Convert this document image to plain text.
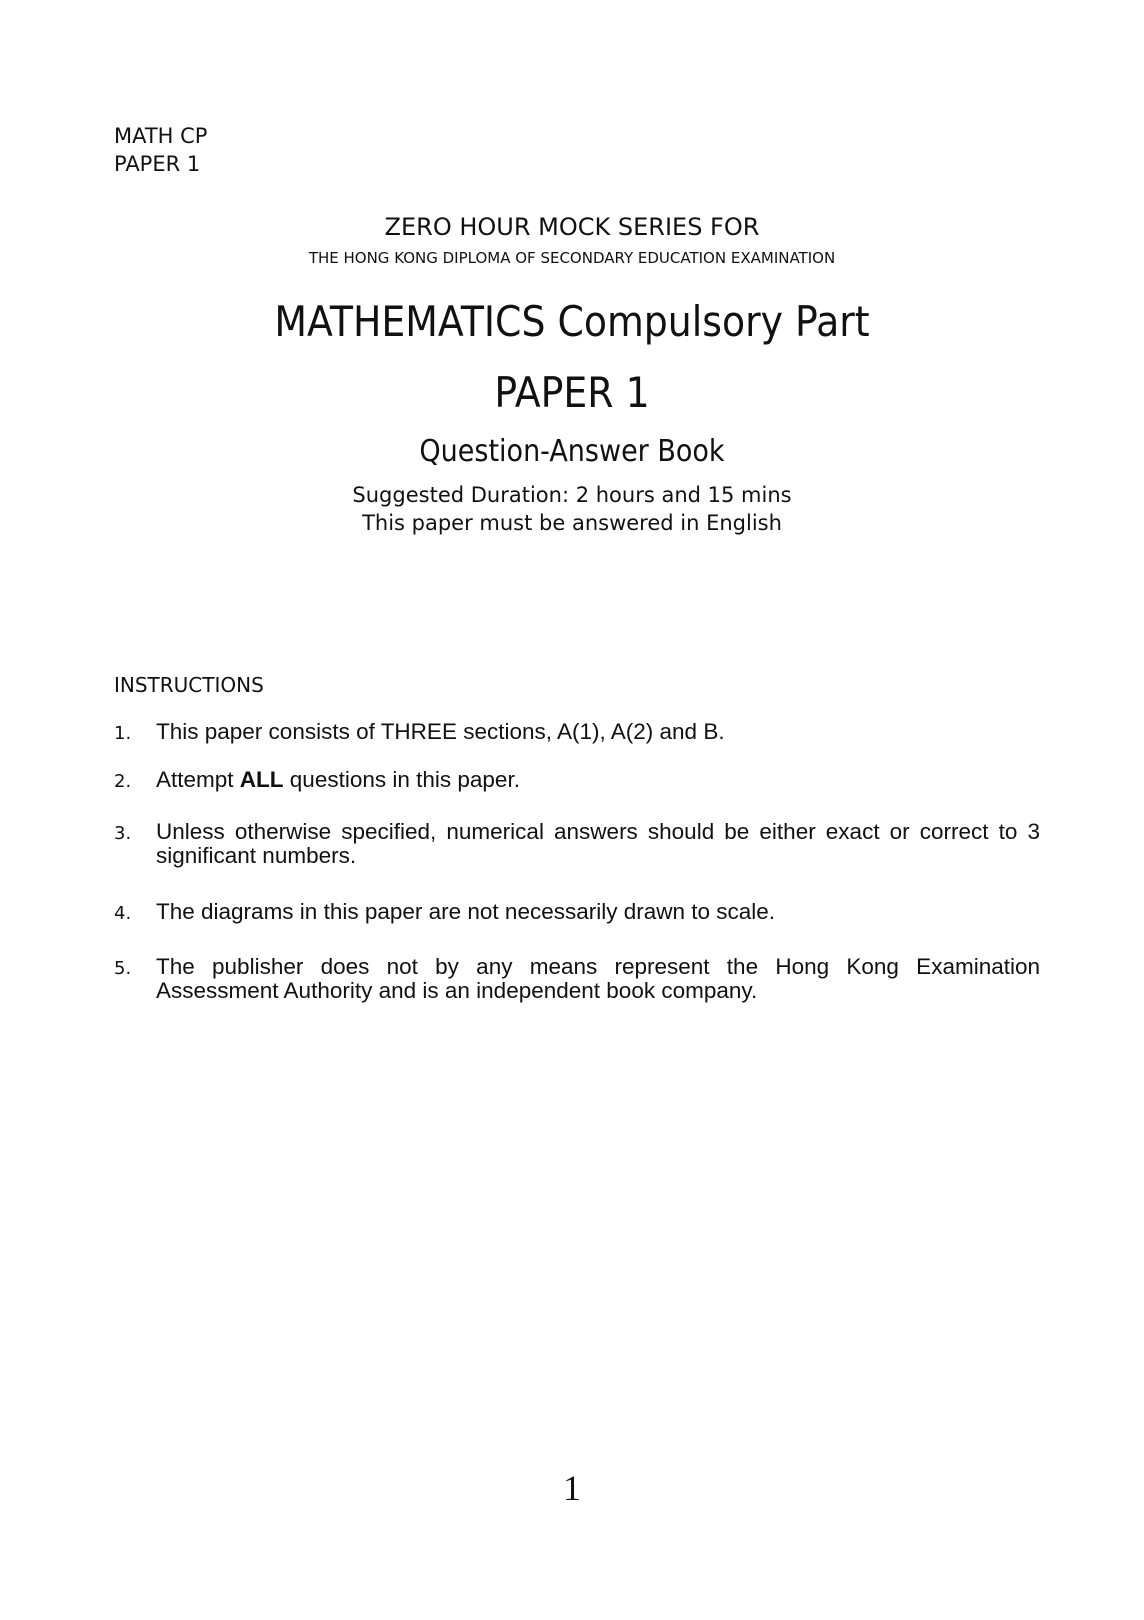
MATH CP
PAPER 1
ZERO HOUR MOCK SERIES FOR
THE HONG KONG DIPLOMA OF SECONDARY EDUCATION EXAMINATION
MATHEMATICS Compulsory Part
PAPER 1
Question-Answer Book
Suggested Duration: 2 hours and 15 mins
This paper must be answered in English
INSTRUCTIONS
1. This paper consists of THREE sections, A(1), A(2) and B.
2. Attempt ALL questions in this paper.
3. Unless otherwise specified, numerical answers should be either exact or correct to 3 significant numbers.
4. The diagrams in this paper are not necessarily drawn to scale.
5. The publisher does not by any means represent the Hong Kong Examination Assessment Authority and is an independent book company.
1
